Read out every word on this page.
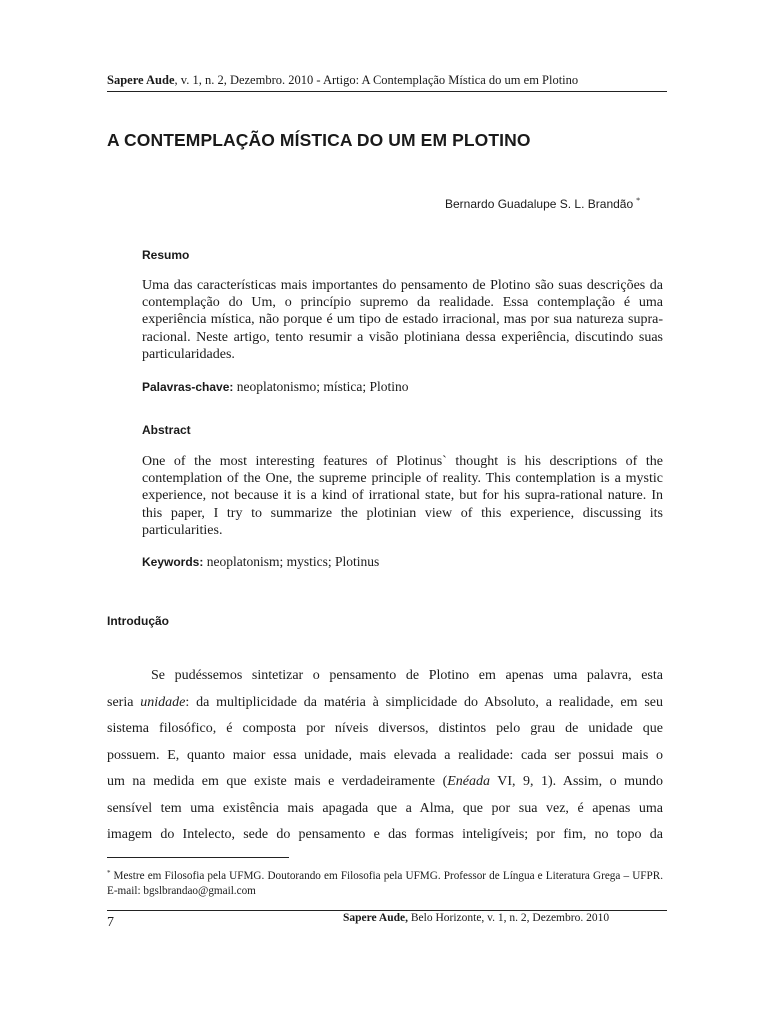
Sapere Aude, v. 1, n. 2, Dezembro. 2010 - Artigo: A Contemplação Mística do um em Plotino
A CONTEMPLAÇÃO MÍSTICA DO UM EM PLOTINO
Bernardo Guadalupe S. L. Brandão *
Resumo
Uma das características mais importantes do pensamento de Plotino são suas descrições da contemplação do Um, o princípio supremo da realidade. Essa contemplação é uma experiência mística, não porque é um tipo de estado irracional, mas por sua natureza supra-racional. Neste artigo, tento resumir a visão plotiniana dessa experiência, discutindo suas particularidades.
Palavras-chave: neoplatonismo; mística; Plotino
Abstract
One of the most interesting features of Plotinus` thought is his descriptions of the contemplation of the One, the supreme principle of reality. This contemplation is a mystic experience, not because it is a kind of irrational state, but for his supra-rational nature. In this paper, I try to summarize the plotinian view of this experience, discussing its particularities.
Keywords: neoplatonism; mystics; Plotinus
Introdução
Se pudéssemos sintetizar o pensamento de Plotino em apenas uma palavra, esta
seria unidade: da multiplicidade da matéria à simplicidade do Absoluto, a realidade, em seu
sistema filosófico, é composta por níveis diversos, distintos pelo grau de unidade que
possuem. E, quanto maior essa unidade, mais elevada a realidade: cada ser possui mais o
um na medida em que existe mais e verdadeiramente (Enéada VI, 9, 1). Assim, o mundo
sensível tem uma existência mais apagada que a Alma, que por sua vez, é apenas uma
imagem do Intelecto, sede do pensamento e das formas inteligíveis; por fim, no topo da
* Mestre em Filosofia pela UFMG. Doutorando em Filosofia pela UFMG. Professor de Língua e Literatura Grega – UFPR. E-mail: bgslbrandao@gmail.com
7	Sapere Aude, Belo Horizonte, v. 1, n. 2, Dezembro. 2010
